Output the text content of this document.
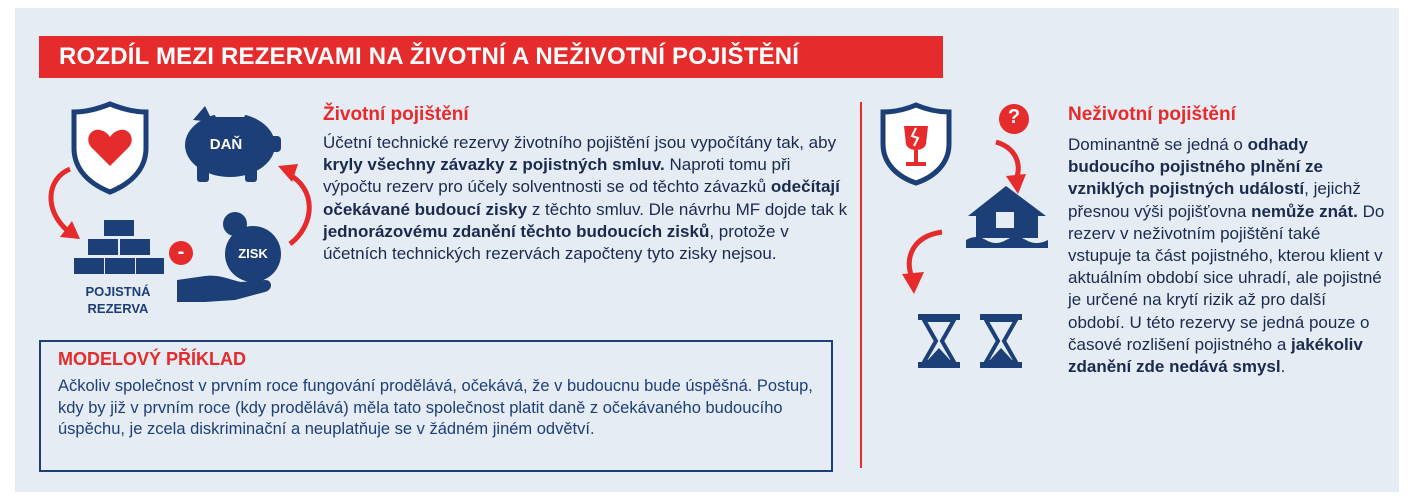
ROZDÍL MEZI REZERVAMI NA ŽIVOTNÍ A NEŽIVOTNÍ POJIŠTĚNÍ
DAŇ
POJISTNÁ REZERVA
-	ZISK
Životní pojištění
Účetní technické rezervy životního pojištění jsou vypočítány tak, aby kryly všechny závazky z pojistných smluv. Naproti tomu při výpočtu rezerv pro účely solventnosti se od těchto závazků odečítají očekávané budoucí zisky z těchto smluv. Dle návrhu MF dojde tak k jednorázovému zdanění těchto budoucích zisků, protože v účetních technických rezervách započteny tyto zisky nejsou.
MODELOVÝ PŘÍKLAD
Ačkoliv společnost v prvním roce fungování prodělává, očekává, že v budoucnu bude úspěšná. Postup, kdy by již v prvním roce (kdy prodělává) měla tato společnost platit daně z očekávaného budoucího úspěchu, je zcela diskriminační a neuplatňuje se v žádném jiném odvětví.
?	Neživotní pojištění
Dominantně se jedná o odhady budoucího pojistného plnění ze vzniklých pojistných událostí, jejichž přesnou výši pojišťovna nemůže znát. Do rezerv v neživotním pojištění také vstupuje ta část pojistného, kterou klient v aktuálním období sice uhradí, ale pojistné je určené na krytí rizik až pro další období. U této rezervy se jedná pouze o časové rozlišení pojistného a jakékoliv zdanění zde nedává smysl.
